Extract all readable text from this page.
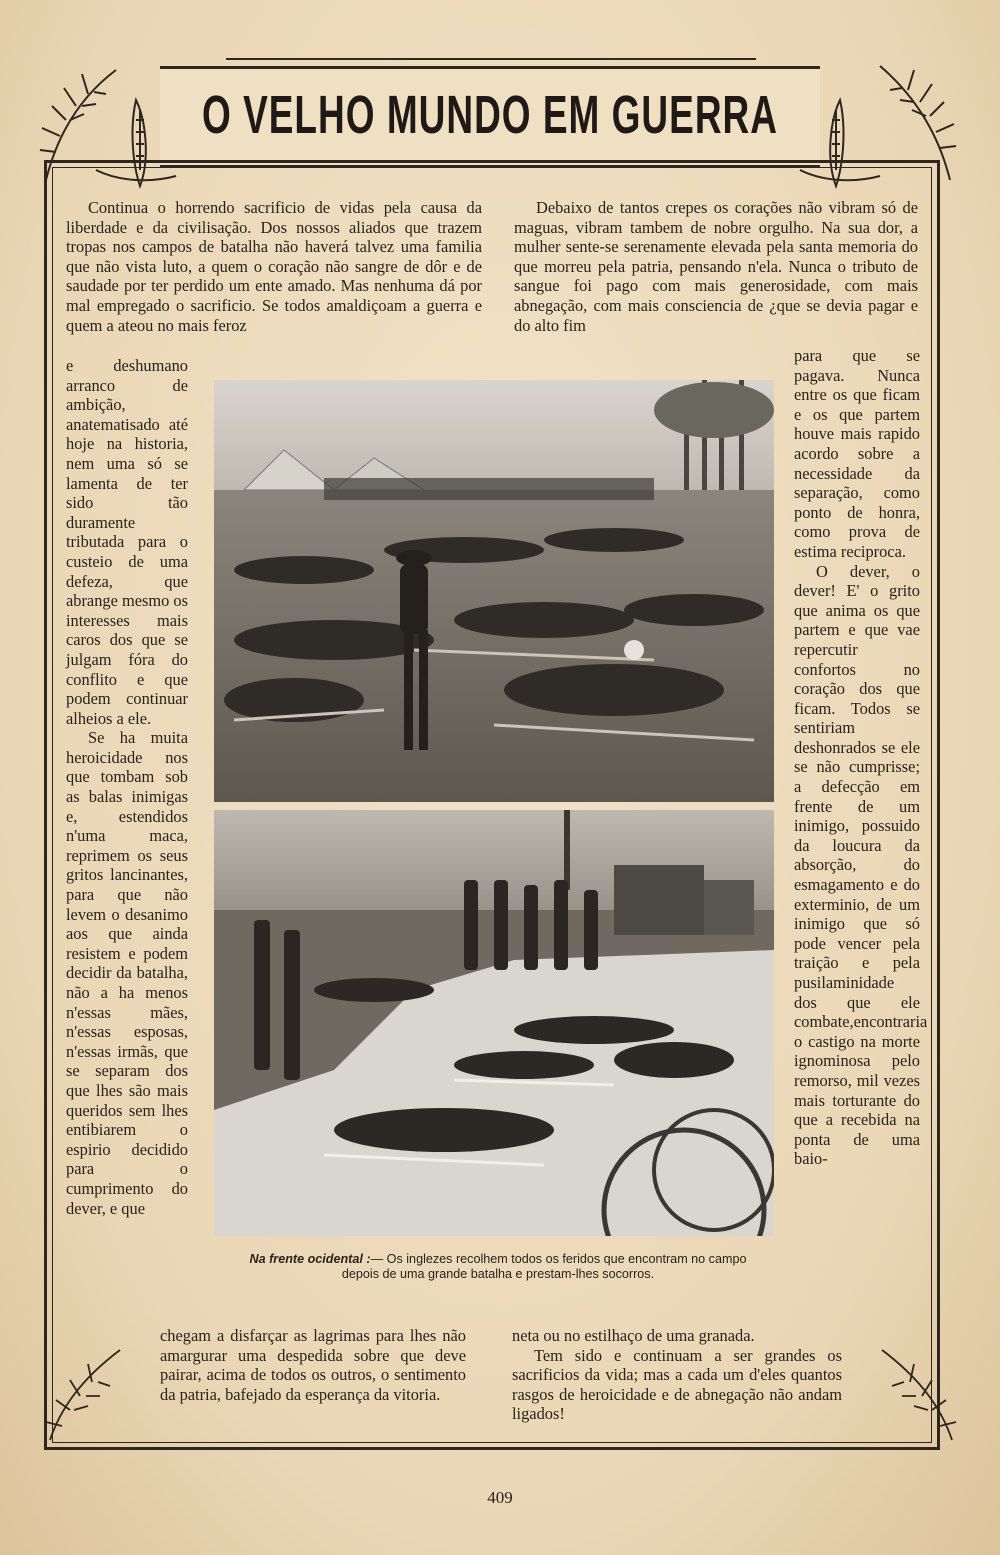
O VELHO MUNDO EM GUERRA

Continua o horrendo sacrificio de vidas pela causa da liberdade e da civilisação. Dos nossos aliados que trazem tropas nos campos de batalha não haverá talvez uma familia que não vista luto, a quem o coração não sangre de dôr e de saudade por ter perdido um ente amado. Mas nenhuma dá por mal empregado o sacrificio. Se todos amaldiçoam a guerra e quem a ateou no mais feroz

e deshumano arranco de ambição, anatematisado até hoje na historia, nem uma só se lamenta de ter sido tão duramente tributada para o custeio de uma defeza, que abrange mesmo os interesses mais caros dos que se julgam fóra do conflito e que podem continuar alheios a ele.

Se ha muita heroicidade nos que tombam sob as balas inimigas e, estendidos n'uma maca, reprimem os seus gritos lancinantes, para que não levem o desanimo aos que ainda resistem e podem decidir da batalha, não a ha menos n'essas mães, n'essas esposas, n'essas irmãs, que se separam dos que lhes são mais queridos sem lhes entibiarem o espirio decidido para o cumprimento do dever, e que

Debaixo de tantos crepes os corações não vibram só de maguas, vibram tambem de nobre orgulho. Na sua dor, a mulher sente-se serenamente elevada pela santa memoria do que morreu pela patria, pensando n'ela. Nunca o tributo de sangue foi pago com mais generosidade, com mais abnegação, com mais consciencia de ¿que se devia pagar e do alto fim

para que se pagava. Nunca entre os que ficam e os que partem houve mais rapido acordo sobre a necessidade da separação, como ponto de honra, como prova de estima reciproca.

O dever, o dever! E' o grito que anima os que partem e que vae repercutir confortos no coração dos que ficam. Todos se sentiriam deshonrados se ele se não cumprisse; a defecção em frente de um inimigo, possuido da loucura da absorção, do esmagamento e do exterminio, de um inimigo que só pode vencer pela traição e pela pusilaminidade dos que ele combate,encontraria o castigo na morte ignominosa pelo remorso, mil vezes mais torturante do que a recebida na ponta de uma baio-

chegam a disfarçar as lagrimas para lhes não amargurar uma despedida sobre que deve pairar, acima de todos os outros, o sentimento da patria, bafejado da esperança da vitoria.

neta ou no estilhaço de uma granada.

Tem sido e continuam a ser grandes os sacrificios da vida; mas a cada um d'eles quantos rasgos de heroicidade e de abnegação não andam ligados!

Na frente ocidental :— Os inglezes recolhem todos os feridos que encontram no campo depois de uma grande batalha e prestam-lhes socorros.
409
